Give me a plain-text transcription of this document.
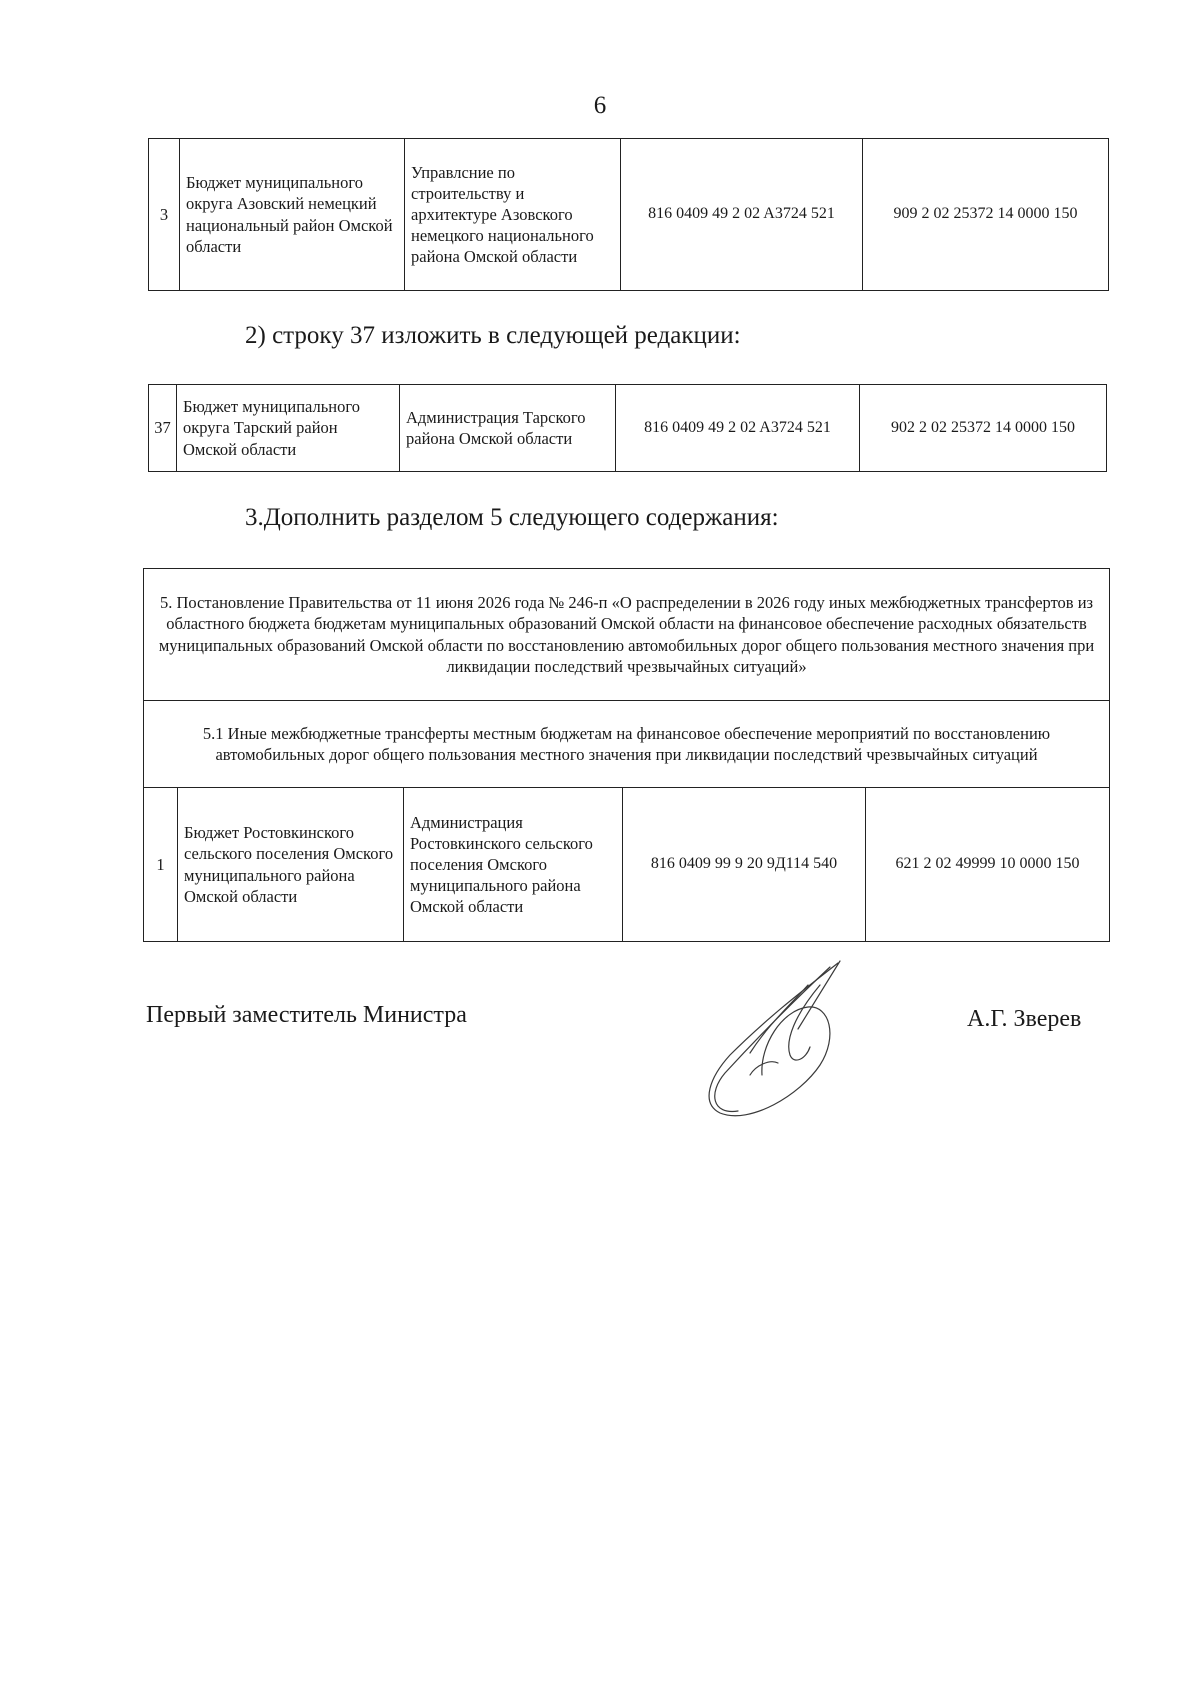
6
3	Бюджет муниципального округа Азовский немецкий национальный район Омской области	Управлсние по строительству и архитектуре Азовского немецкого национального района Омской области	816 0409 49 2 02 A3724 521	909 2 02 25372 14 0000 150
2) строку 37 изложить в следующей редакции:
37	Бюджет муниципального округа Тарский район Омской области	Администрация Тарского района Омской области	816 0409 49 2 02 A3724 521	902 2 02 25372 14 0000 150
3.Дополнить разделом 5 следующего содержания:
5. Постановление Правительства от 11 июня 2026 года № 246-п «О распределении в 2026 году иных межбюджетных трансфертов из областного бюджета бюджетам муниципальных образований Омской области на финансовое обеспечение расходных обязательств муниципальных образований Омской области по восстановлению автомобильных дорог общего пользования местного значения при ликвидации последствий чрезвычайных ситуаций»
5.1 Иные межбюджетные трансферты местным бюджетам на финансовое обеспечение мероприятий по восстановлению автомобильных дорог общего пользования местного значения при ликвидации последствий чрезвычайных ситуаций
1	Бюджет Ростовкинского сельского поселения Омского муниципального района Омской области	Администрация Ростовкинского сельского поселения Омского муниципального района Омской области	816 0409 99 9 20 9Д114 540	621 2 02 49999 10 0000 150
Первый заместитель Министра	А.Г. Зверев
